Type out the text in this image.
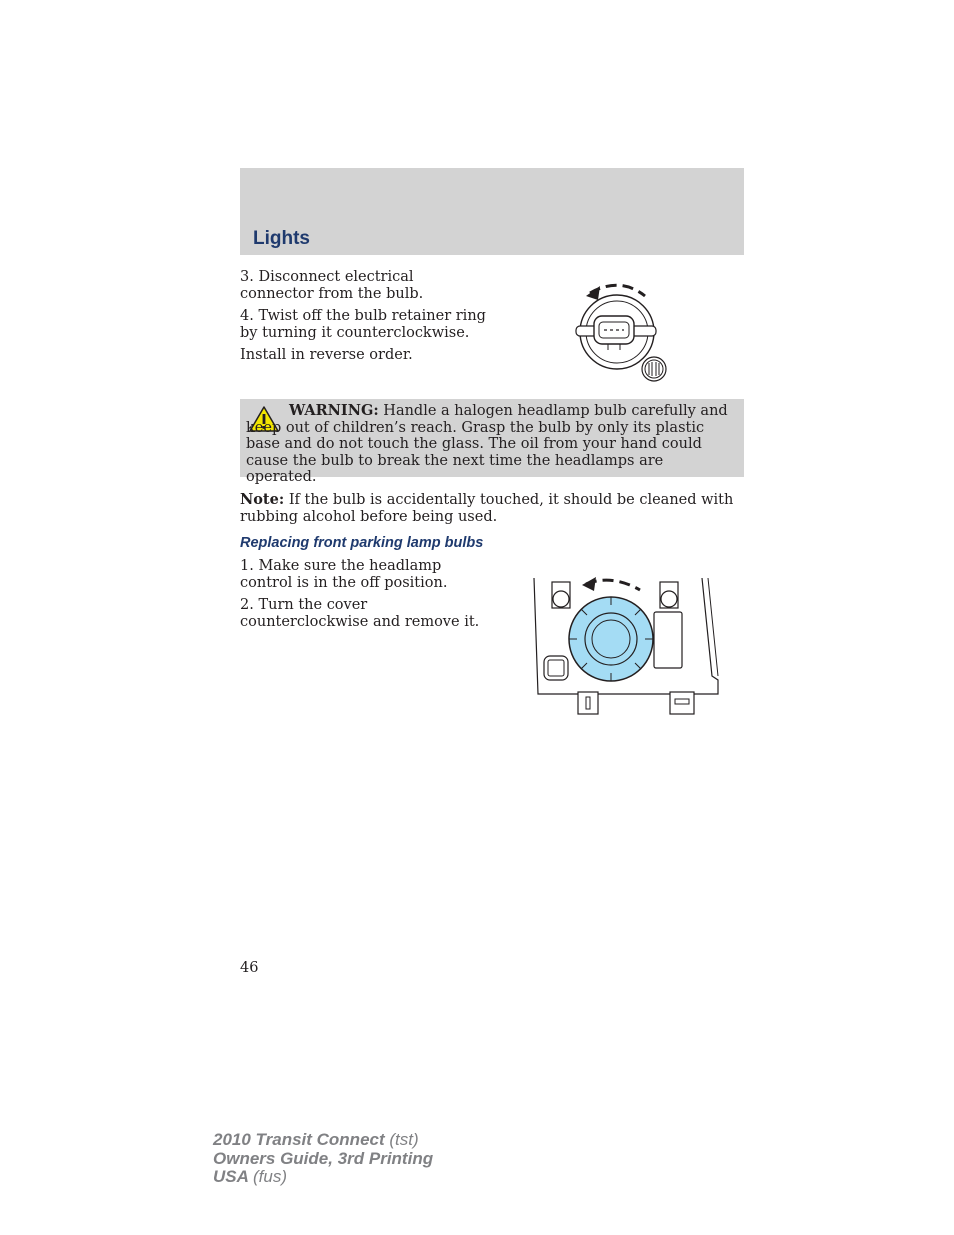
Lights

3. Disconnect electrical connector from the bulb.

4. Twist off the bulb retainer ring by turning it counterclockwise.

Install in reverse order.

WARNING: Handle a halogen headlamp bulb carefully and keep out of children’s reach. Grasp the bulb by only its plastic base and do not touch the glass. The oil from your hand could cause the bulb to break the next time the headlamps are operated.

Note: If the bulb is accidentally touched, it should be cleaned with rubbing alcohol before being used.

Replacing front parking lamp bulbs

1. Make sure the headlamp control is in the off position.

2. Turn the cover counterclockwise and remove it.

46
2010 Transit Connect (tst)
Owners Guide, 3rd Printing
USA (fus)
